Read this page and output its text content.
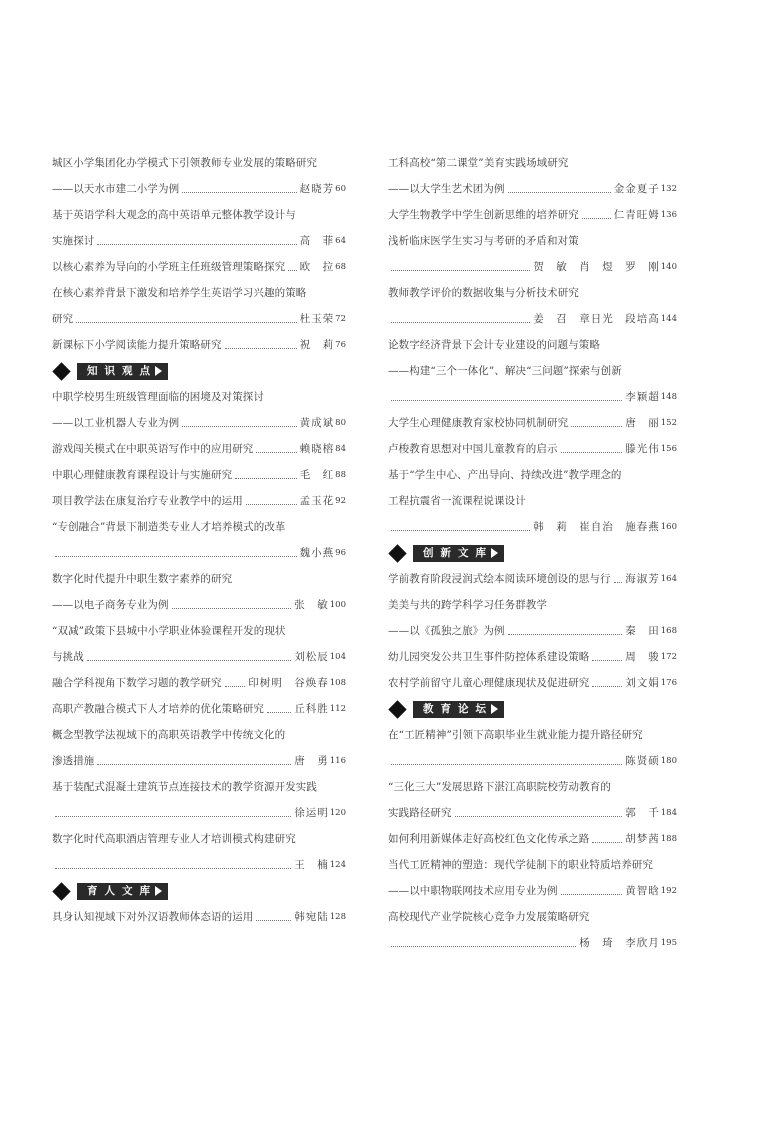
城区小学集团化办学模式下引领教师专业发展的策略研究
——以天水市建二小学为例	赵晓芳 60
基于英语学科大观念的高中英语单元整体教学设计与
实施探讨	高　菲 64
以核心素养为导向的小学班主任班级管理策略探究 欧　拉 68
在核心素养背景下激发和培养学生英语学习兴趣的策略
研究	杜玉荣 72
新课标下小学阅读能力提升策略研究	祝　莉 76
知识观点
中职学校男生班级管理面临的困境及对策探讨
——以工业机器人专业为例	黄成斌 80
游戏闯关模式在中职英语写作中的应用研究	赖晓榕 84
中职心理健康教育课程设计与实施研究	毛　红 88
项目教学法在康复治疗专业教学中的运用	孟玉花 92
“专创融合”背景下制造类专业人才培养模式的改革
魏小燕 96
数字化时代提升中职生数字素养的研究
——以电子商务专业为例	张　敏 100
“双减”政策下县城中小学职业体验课程开发的现状
与挑战	刘松辰 104
融合学科视角下数学习题的教学研究	印树明　谷焕春 108
高职产教融合模式下人才培养的优化策略研究	丘科胜 112
概念型教学法视域下的高职英语教学中传统文化的
渗透措施	唐　勇 116
基于装配式混凝土建筑节点连接技术的教学资源开发实践
徐运明 120
数字化时代高职酒店管理专业人才培训模式构建研究
王　楠 124
育人文库
具身认知视域下对外汉语教师体态语的运用	韩宛陆 128
工科高校“第二课堂”美育实践场域研究
——以大学生艺术团为例	金金夏子 132
大学生物教学中学生创新思维的培养研究	仁青旺姆 136
浅析临床医学生实习与考研的矛盾和对策
贺　敏　肖　煜　罗　刚 140
教师教学评价的数据收集与分析技术研究
姜　召　章日光　段培高 144
论数字经济背景下会计专业建设的问题与策略
——构建“三个一体化”、解决“三问题”探索与创新
李颖超 148
大学生心理健康教育家校协同机制研究	唐　丽 152
卢梭教育思想对中国儿童教育的启示	滕光伟 156
基于“学生中心、产出导向、持续改进”教学理念的
工程抗震省一流课程说课设计
韩　莉　崔自治　施春燕 160
创新文库
学前教育阶段浸润式绘本阅读环境创设的思与行 海淑芳 164
美美与共的跨学科学习任务群教学
——以《孤独之旅》为例	秦　田 168
幼儿园突发公共卫生事件防控体系建设策略	周　骏 172
农村学前留守儿童心理健康现状及促进研究	刘文娟 176
教育论坛
在“工匠精神”引领下高职毕业生就业能力提升路径研究
陈贤硕 180
“三化三大”发展思路下湛江高职院校劳动教育的
实践路径研究	郭　千 184
如何利用新媒体走好高校红色文化传承之路	胡梦茜 188
当代工匠精神的塑造：现代学徒制下的职业特质培养研究
——以中职物联网技术应用专业为例	黄智晗 192
高校现代产业学院核心竞争力发展策略研究
杨　琦　李欣月 195
